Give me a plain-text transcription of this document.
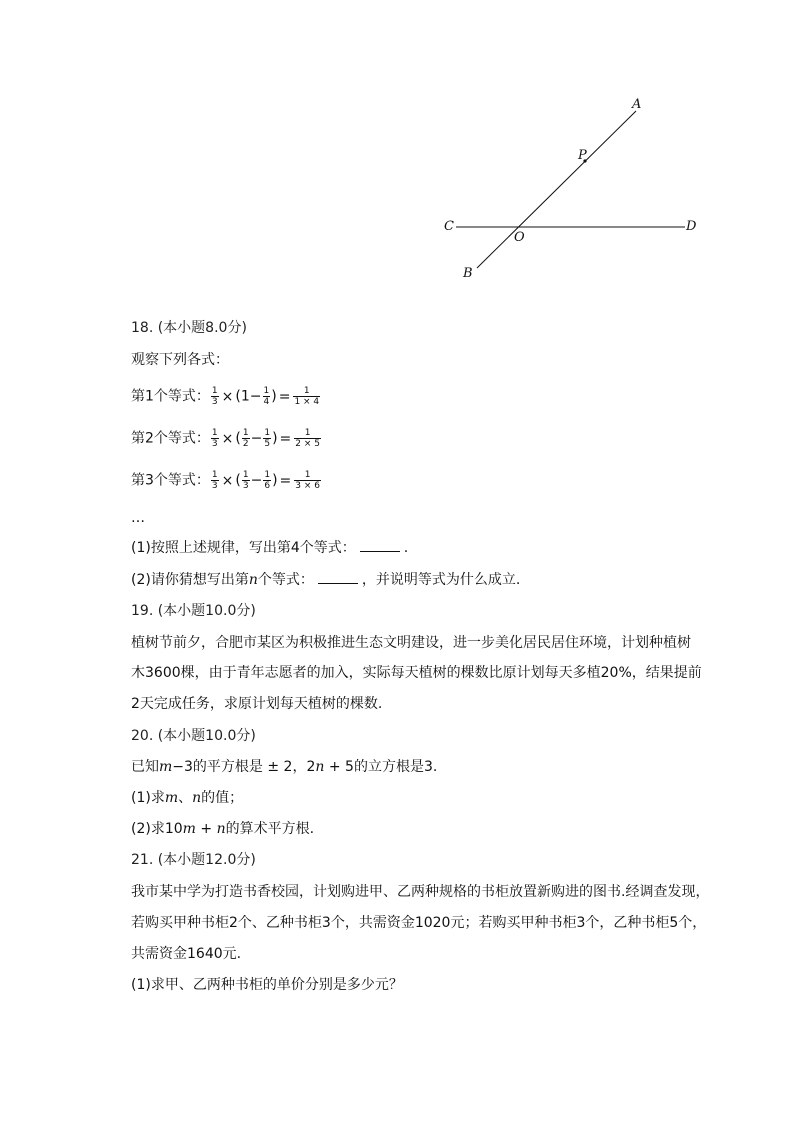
A
P
C
O
D
B
18. (本小题8.0分)
观察下列各式：
第1个等式： $\frac{1}{3} \times (1- \frac{1}{4}$ ) = $\frac{1}{1 \times 4}$
第2个等式： $\frac{1}{3}$ × ( $\frac{1}{2} - \frac{1}{5}$ ) = $\frac{1}{2 \times 5}$
第3个等式： $\frac{1}{3}$ × ( $\frac{1}{3} - \frac{1}{6}$ ) = $\frac{1}{3 \times 6}$
…
(1)按照上述规律，写出第4个等式：	.
(2)请你猜想写出第n个等式：	，并说明等式为什么成立.
19. (本小题10.0分)
植树节前夕，合肥市某区为积极推进生态文明建设，进一步美化居民居住环境，计划种植树
木3600棵，由于青年志愿者的加入，实际每天植树的棵数比原计划每天多植20%，结果提前
2天完成任务，求原计划每天植树的棵数.
20. (本小题10.0分)
已知m−3的平方根是 ± 2，2n + 5的立方根是3.
(1)求m、n的值；
(2)求10m + n的算术平方根.
21. (本小题12.0分)
我市某中学为打造书香校园，计划购进甲、乙两种规格的书柜放置新购进的图书.经调查发现，
若购买甲种书柜2个、乙种书柜3个，共需资金1020元；若购买甲种书柜3个，乙种书柜5个，
共需资金1640元.
(1)求甲、乙两种书柜的单价分别是多少元？
